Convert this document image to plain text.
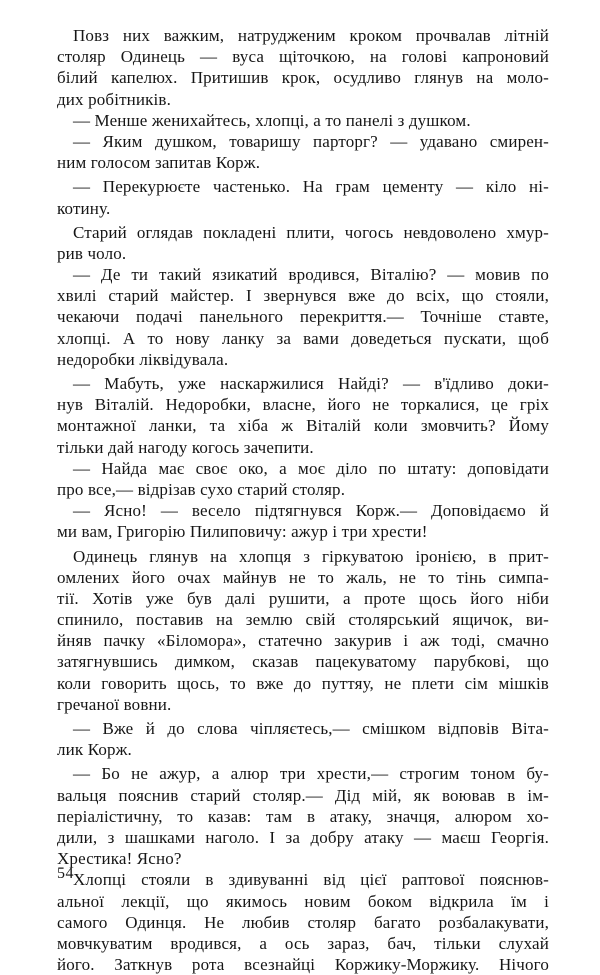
Повз них важким, натрудженим кроком прочвалав літній
столяр Одинець — вуса щіточкою, на голові капроновий
білий капелюх. Притишив крок, осудливо глянув на моло-
дих робітників.
— Менше женихайтесь, хлопці, а то панелі з душком.
— Яким душком, товаришу парторг? — удавано смирен-
ним голосом запитав Корж.
— Перекурюєте частенько. На грам цементу — кіло ні-
котину.
Старий оглядав покладені плити, чогось невдоволено хмур-
рив чоло.
— Де ти такий язикатий вродився, Віталію? — мовив по
хвилі старий майстер. І звернувся вже до всіх, що стояли,
чекаючи подачі панельного перекриття.— Точніше ставте,
хлопці. А то нову ланку за вами доведеться пускати, щоб
недоробки ліквідувала.
— Мабуть, уже наскаржилися Найді? — в'їдливо доки-
нув Віталій. Недоробки, власне, його не торкалися, це гріх
монтажної ланки, та хіба ж Віталій коли змовчить? Йому
тільки дай нагоду когось зачепити.
— Найда має своє око, а моє діло по штату: доповідати
про все,— відрізав сухо старий столяр.
— Ясно! — весело підтягнувся Корж.— Доповідаємо й
ми вам, Григорію Пилиповичу: ажур і три хрести!
Одинець глянув на хлопця з гіркуватою іронією, в прит-
омлених його очах майнув не то жаль, не то тінь симпа-
тії. Хотів уже був далі рушити, а проте щось його ніби
спинило, поставив на землю свій столярський ящичок, ви-
йняв пачку «Біломора», статечно закурив і аж тоді, смачно
затягнувшись димком, сказав пацекуватому парубкові, що
коли говорить щось, то вже до путтяу, не плети сім мішків
гречаної вовни.
— Вже й до слова чіпляєтесь,— смішком відповів Віта-
лик Корж.
— Бо не ажур, а алюр три хрести,— строгим тоном бу-
вальця пояснив старий столяр.— Дід мій, як воював в ім-
періалістичну, то казав: там в атаку, значця, алюром хо-
дили, з шашками наголо. І за добру атаку — маєш Георгія.
Хрестика! Ясно?
Хлопці стояли в здивуванні від цієї раптової пояснюв-
альної лекції, що якимось новим боком відкрила їм і
самого Одинця. Не любив столяр багато розбалакувати,
мовчкуватим вродився, а ось зараз, бач, тільки слухай
його. Заткнув рота всезнайці Коржику-Моржику. Нічого
54
